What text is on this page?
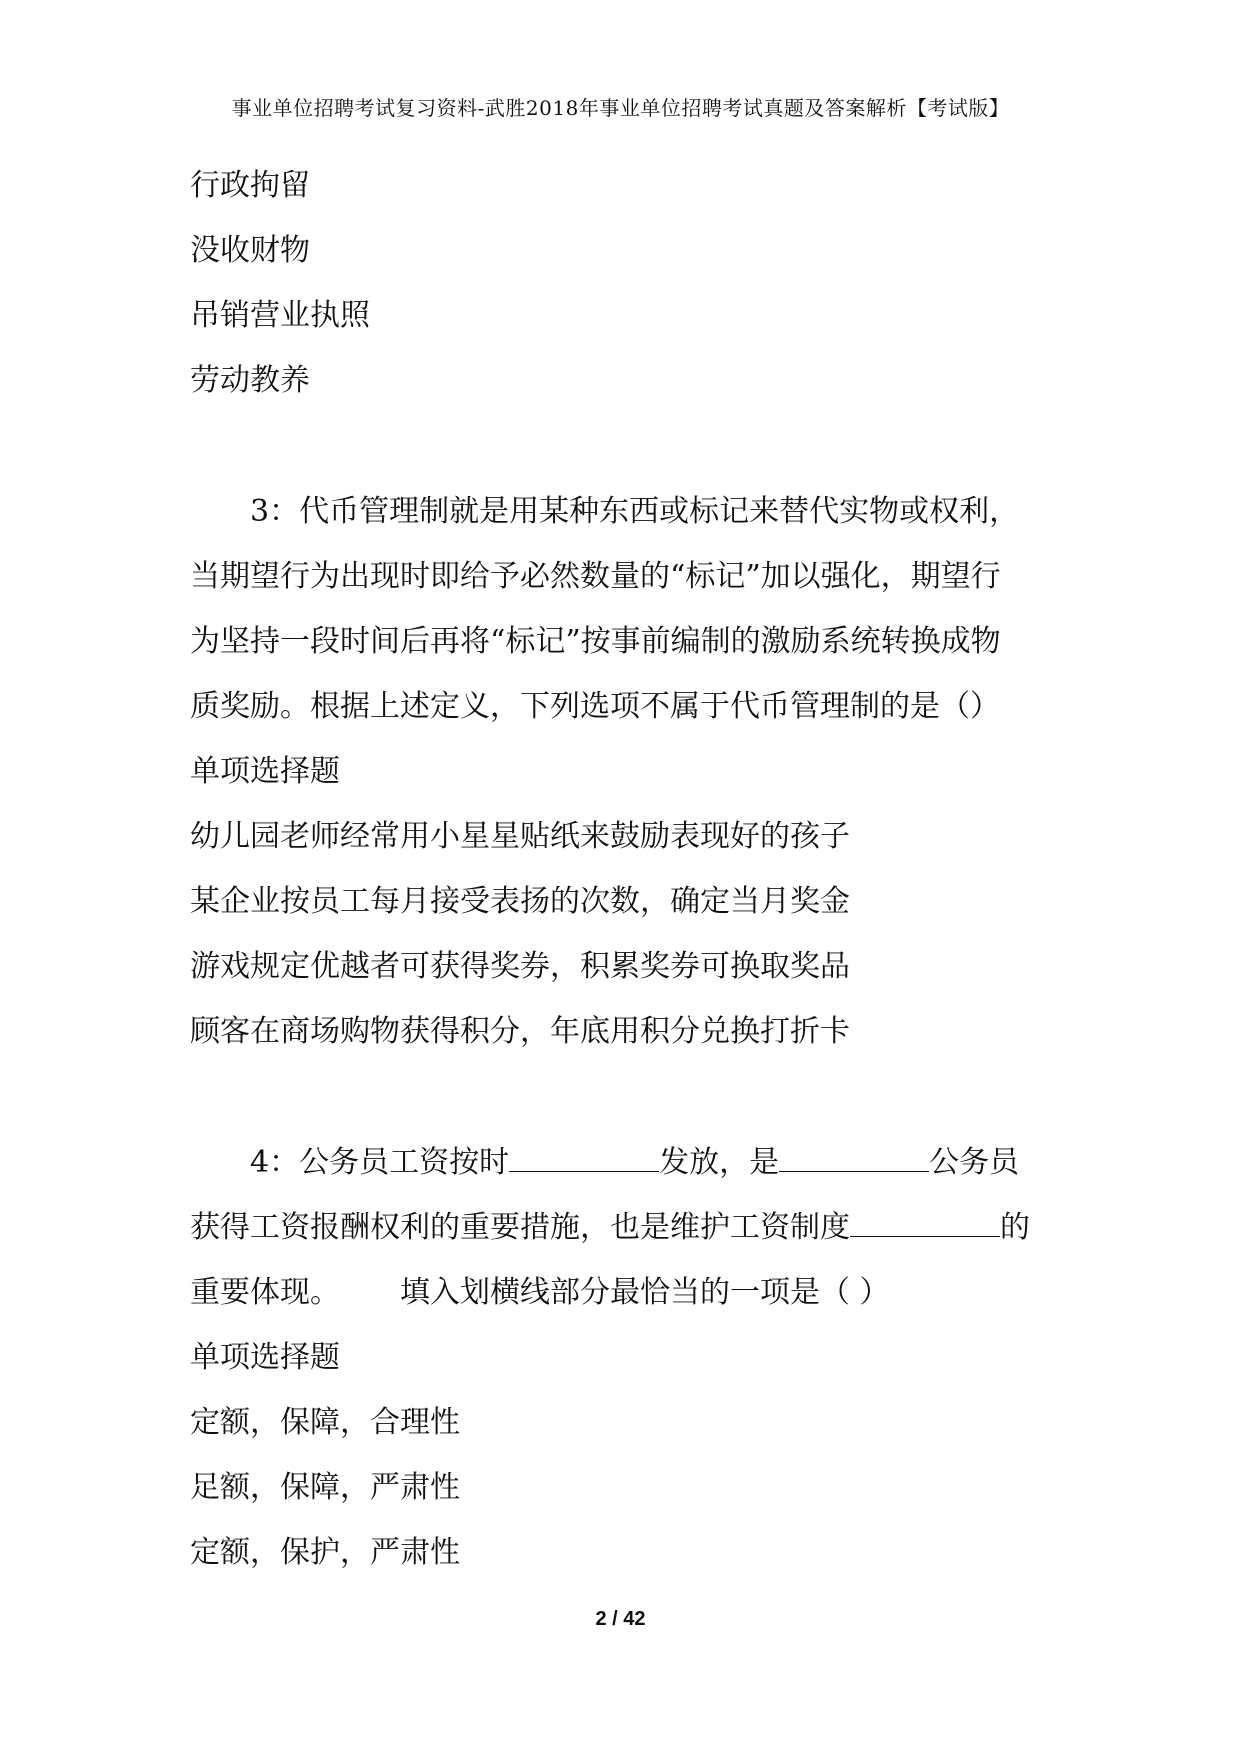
事业单位招聘考试复习资料-武胜2018年事业单位招聘考试真题及答案解析【考试版】
行政拘留
没收财物
吊销营业执照
劳动教养
3：代币管理制就是用某种东西或标记来替代实物或权利，
当期望行为出现时即给予必然数量的“标记”加以强化，期望行
为坚持一段时间后再将“标记”按事前编制的激励系统转换成物
质奖励。根据上述定义，下列选项不属于代币管理制的是（）
单项选择题
幼儿园老师经常用小星星贴纸来鼓励表现好的孩子
某企业按员工每月接受表扬的次数，确定当月奖金
游戏规定优越者可获得奖券，积累奖券可换取奖品
顾客在商场购物获得积分，年底用积分兑换打折卡
4：公务员工资按时	发放，是	公务员
获得工资报酬权利的重要措施，也是维护工资制度	的
重要体现。 填入划横线部分最恰当的一项是（ ）
单项选择题
定额，保障，合理性
足额，保障，严肃性
定额，保护，严肃性
2 / 42
